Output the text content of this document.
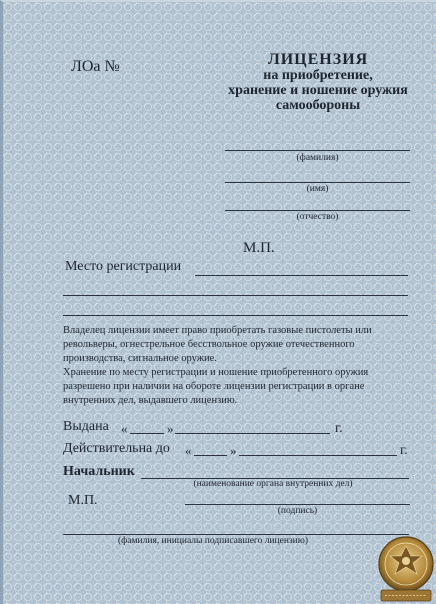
ЛОа №	ЛИЦЕНЗИЯ
на приобретение,
хранение и ношение оружия
самообороны
(фамилия)
(имя)
(отчество)
М.П.
Место регистрации
Владелец лицензии имеет право приобретать газовые пистолеты или револьверы, огнестрельное бесствольное оружие отечественного производства, сигнальное оружие.
Хранение по месту регистрации и ношение приобретенного оружия разрешено при наличии на обороте лицензии регистрации в органе внутренних дел, выдавшего лицензию.
Выдана «	»	г.
Действительна до «	»	г.
Начальник
(наименование органа внутренних дел)
М.П.
(подпись)
(фамилия, инициалы подписавшего лицензию)
